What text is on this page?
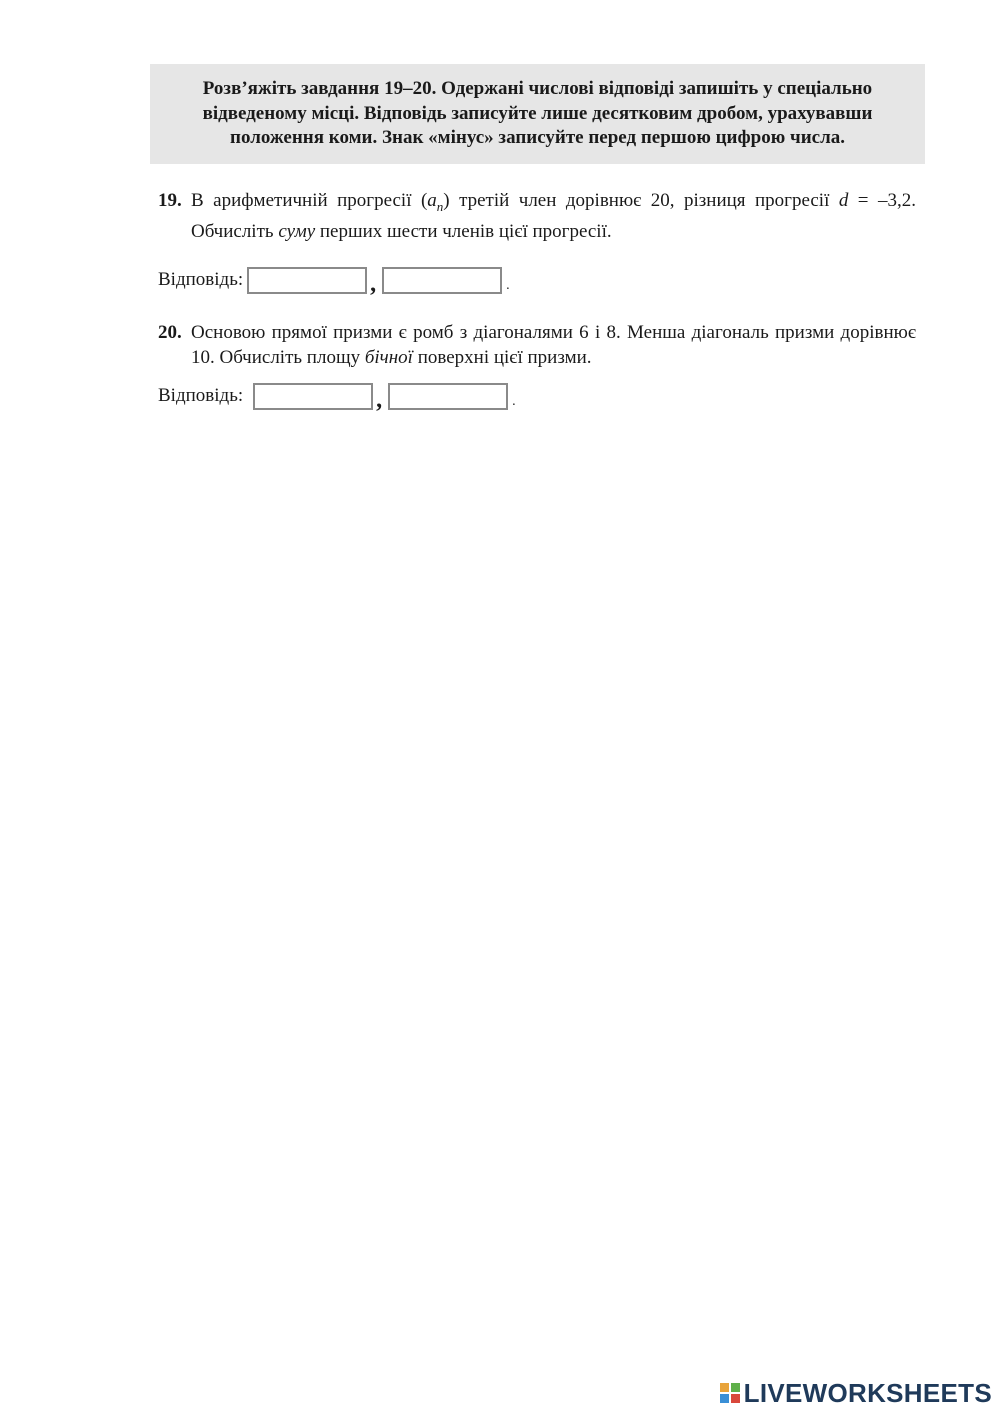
Розв’яжіть завдання 19–20. Одержані числові відповіді запишіть у спеціально відведеному місці. Відповідь записуйте лише десятковим дробом, урахувавши положення коми. Знак «мінус» записуйте перед першою цифрою числа.
19. В арифметичній прогресії $(a_n)$ третій член дорівнює 20, різниця прогресії d = –3,2. Обчисліть суму перших шести членів цієї прогресії.
Відповідь:	,	.
20. Основою прямої призми є ромб з діагоналями 6 і 8. Менша діагональ призми дорівнює 10. Обчисліть площу бічної поверхні цієї призми.
Відповідь:	,	.
LIVEWORKSHEETS
